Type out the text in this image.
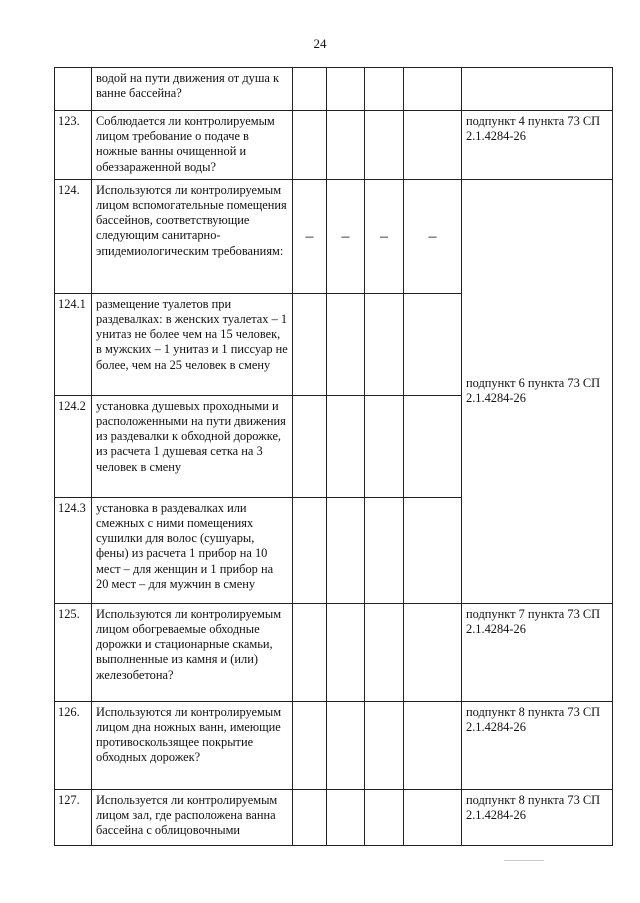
24
	водой на пути движения от душа к ванне бассейна?					
123.	Соблюдается ли контролируемым лицом требование о подаче в ножные ванны очищенной и обеззараженной воды?					подпункт 4 пункта 73 СП 2.1.4284-26
124.	Используются ли контролируемым лицом вспомогательные помещения бассейнов, соответствующие следующим санитарно-эпидемиологическим требованиям:	–	–	–	–	подпункт 6 пункта 73 СП 2.1.4284-26
124.1	размещение туалетов при раздевалках: в женских туалетах – 1 унитаз не более чем на 15 человек, в мужских – 1 унитаз и 1 писсуар не более, чем на 25 человек в смену					
124.2	установка душевых проходными и расположенными на пути движения из раздевалки к обходной дорожке, из расчета 1 душевая сетка на 3 человек в смену					
124.3	установка в раздевалках или смежных с ними помещениях сушилки для волос (сушуары, фены) из расчета 1 прибор на 10 мест – для женщин и 1 прибор на 20 мест – для мужчин в смену					
125.	Используются ли контролируемым лицом обогреваемые обходные дорожки и стационарные скамьи, выполненные из камня и (или) железобетона?					подпункт 7 пункта 73 СП 2.1.4284-26
126.	Используются ли контролируемым лицом дна ножных ванн, имеющие противоскользящее покрытие обходных дорожек?					подпункт 8 пункта 73 СП 2.1.4284-26
127.	Используется ли контролируемым лицом зал, где расположена ванна бассейна с облицовочными					подпункт 8 пункта 73 СП 2.1.4284-26
